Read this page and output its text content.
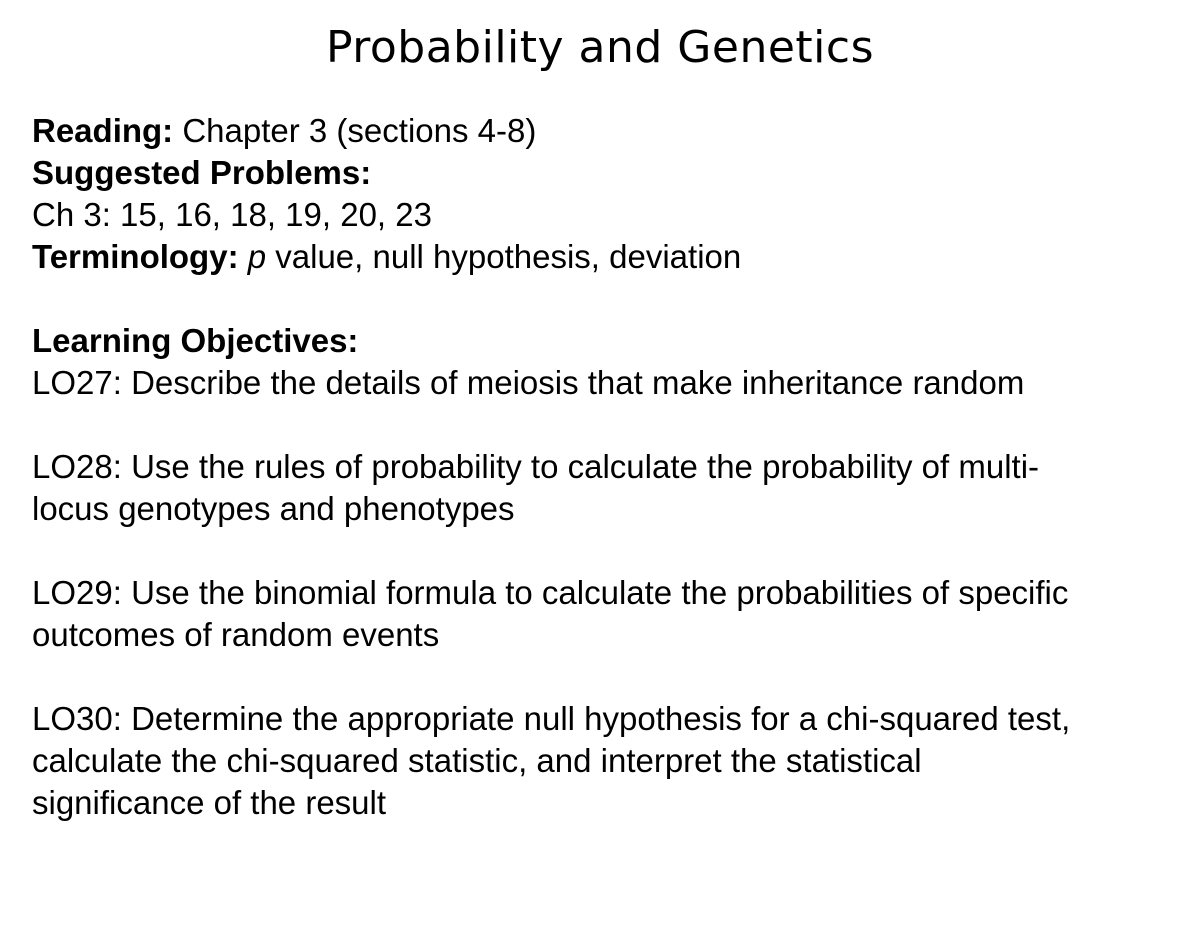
Probability and Genetics
Reading: Chapter 3 (sections 4-8)
Suggested Problems:
Ch 3: 15, 16, 18, 19, 20, 23
Terminology: p value, null hypothesis, deviation
Learning Objectives:
LO27: Describe the details of meiosis that make inheritance random
LO28: Use the rules of probability to calculate the probability of multi-
locus genotypes and phenotypes
LO29: Use the binomial formula to calculate the probabilities of specific
outcomes of random events
LO30: Determine the appropriate null hypothesis for a chi-squared test,
calculate the chi-squared statistic, and interpret the statistical
significance of the result
